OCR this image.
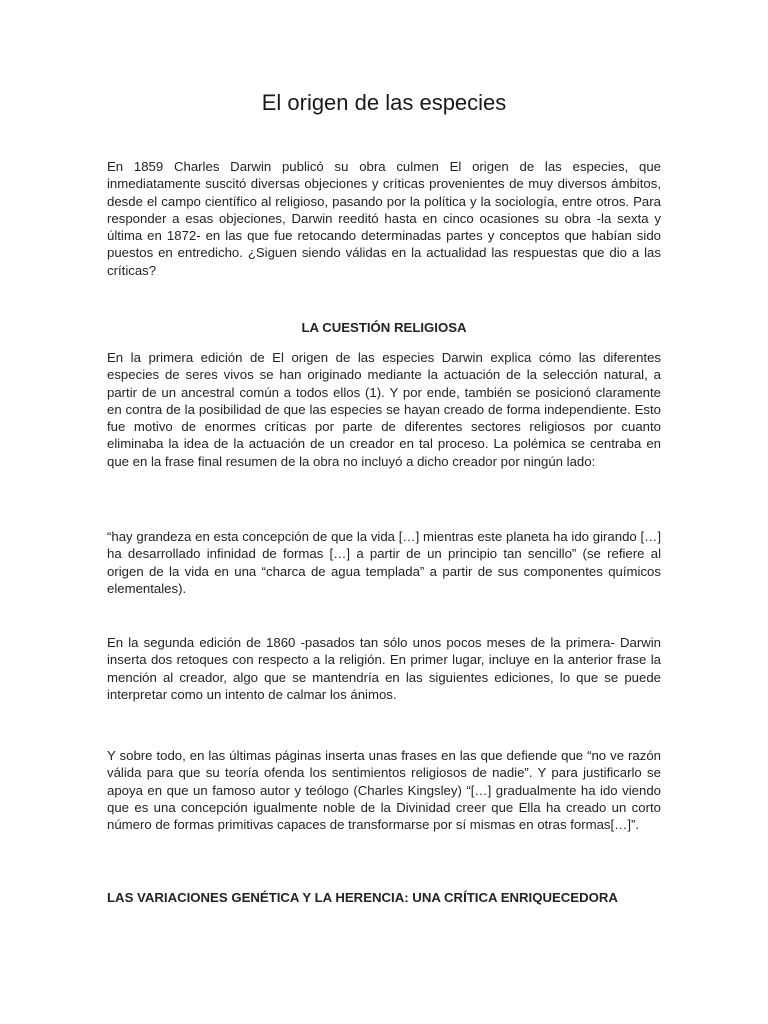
El origen de las especies

En 1859 Charles Darwin publicó su obra culmen El origen de las especies, que inmediatamente suscitó diversas objeciones y críticas provenientes de muy diversos ámbitos, desde el campo científico al religioso, pasando por la política y la sociología, entre otros. Para responder a esas objeciones, Darwin reeditó hasta en cinco ocasiones su obra -la sexta y última en 1872- en las que fue retocando determinadas partes y conceptos que habían sido puestos en entredicho. ¿Siguen siendo válidas en la actualidad las respuestas que dio a las críticas?

LA CUESTIÓN RELIGIOSA

En la primera edición de El origen de las especies Darwin explica cómo las diferentes especies de seres vivos se han originado mediante la actuación de la selección natural, a partir de un ancestral común a todos ellos (1). Y por ende, también se posicionó claramente en contra de la posibilidad de que las especies se hayan creado de forma independiente. Esto fue motivo de enormes críticas por parte de diferentes sectores religiosos por cuanto eliminaba la idea de la actuación de un creador en tal proceso. La polémica se centraba en que en la frase final resumen de la obra no incluyó a dicho creador por ningún lado:

“hay grandeza en esta concepción de que la vida […] mientras este planeta ha ido girando […] ha desarrollado infinidad de formas […] a partir de un principio tan sencillo” (se refiere al origen de la vida en una “charca de agua templada” a partir de sus componentes químicos elementales).

En la segunda edición de 1860 -pasados tan sólo unos pocos meses de la primera- Darwin inserta dos retoques con respecto a la religión. En primer lugar, incluye en la anterior frase la mención al creador, algo que se mantendría en las siguientes ediciones, lo que se puede interpretar como un intento de calmar los ánimos.

Y sobre todo, en las últimas páginas inserta unas frases en las que defiende que “no ve razón válida para que su teoría ofenda los sentimientos religiosos de nadie”. Y para justificarlo se apoya en que un famoso autor y teólogo (Charles Kingsley) “[…] gradualmente ha ido viendo que es una concepción igualmente noble de la Divinidad creer que Ella ha creado un corto número de formas primitivas capaces de transformarse por sí mismas en otras formas[…]”.

LAS VARIACIONES GENÉTICA Y LA HERENCIA: UNA CRÍTICA ENRIQUECEDORA
